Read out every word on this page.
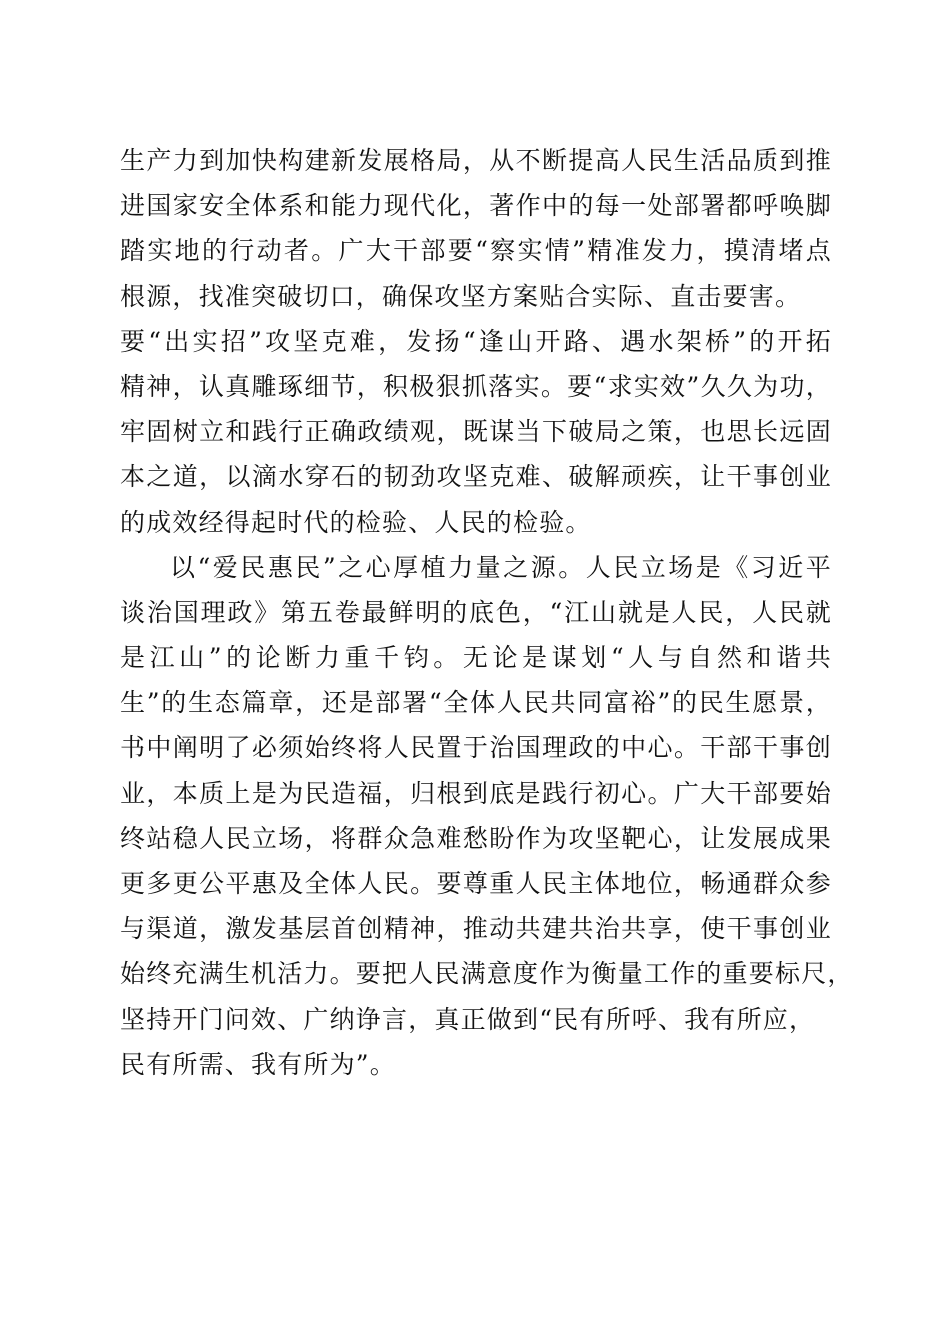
生产力到加快构建新发展格局，从不断提高人民生活品质到推
进国家安全体系和能力现代化，著作中的每一处部署都呼唤脚
踏实地的行动者。广大干部要“察实情”精准发力，摸清堵点
根源，找准突破切口，确保攻坚方案贴合实际、直击要害。
要“出实招”攻坚克难，发扬“逢山开路、遇水架桥”的开拓
精神，认真雕琢细节，积极狠抓落实。要“求实效”久久为功，
牢固树立和践行正确政绩观，既谋当下破局之策，也思长远固
本之道，以滴水穿石的韧劲攻坚克难、破解顽疾，让干事创业
的成效经得起时代的检验、人民的检验。
以“爱民惠民”之心厚植力量之源。人民立场是《习近平
谈治国理政》第五卷最鲜明的底色，“江山就是人民，人民就
是江山”的论断力重千钧。无论是谋划“人与自然和谐共
生”的生态篇章，还是部署“全体人民共同富裕”的民生愿景，
书中阐明了必须始终将人民置于治国理政的中心。干部干事创
业，本质上是为民造福，归根到底是践行初心。广大干部要始
终站稳人民立场，将群众急难愁盼作为攻坚靶心，让发展成果
更多更公平惠及全体人民。要尊重人民主体地位，畅通群众参
与渠道，激发基层首创精神，推动共建共治共享，使干事创业
始终充满生机活力。要把人民满意度作为衡量工作的重要标尺，
坚持开门问效、广纳诤言，真正做到“民有所呼、我有所应，
民有所需、我有所为”。
